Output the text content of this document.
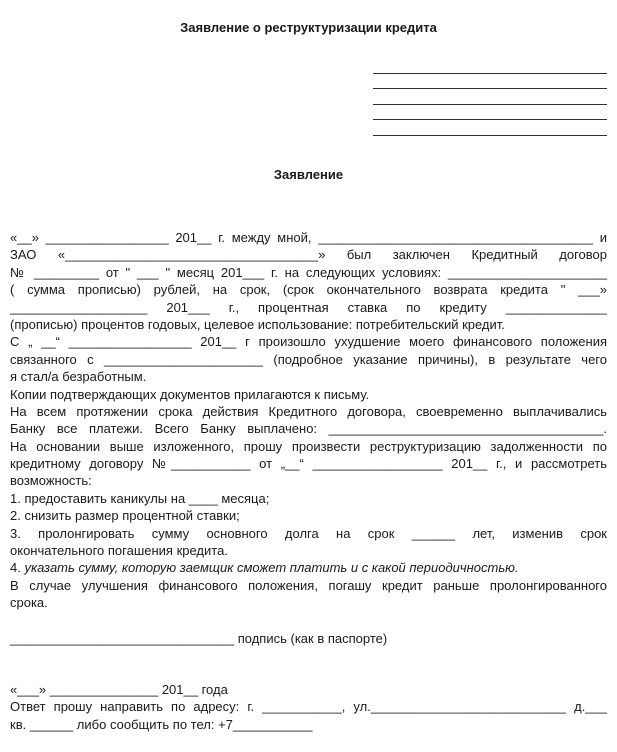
Заявление о реструктуризации кредита
Заявление
«__» _________________ 201__ г. между мной, ______________________________________ и
ЗАО «___________________________________» был заключен Кредитный договор
№ _________ от " ___ " месяц 201___ г. на следующих условиях: ______________________
( сумма прописью) рублей, на срок, (срок окончательного возврата кредита " ___»
___________________ 201___ г., процентная ставка по кредиту ______________
(прописью) процентов годовых, целевое использование: потребительский кредит.
С „ __“ _________________ 201__ г произошло ухудшение моего финансового положения
связанного с ______________________ (подробное указание причины), в результате чего
я стал/а безработным.
Копии подтверждающих документов прилагаются к письму.
На всем протяжении срока действия Кредитного договора, своевременно выплачивались
Банку все платежи. Всего Банку выплачено: ______________________________________.
На основании выше изложенного, прошу произвести реструктуризацию задолженности по
кредитному договору №___________ от „__“ __________________ 201__ г., и рассмотреть
возможность:
1. предоставить каникулы на ____ месяца;
2. снизить размер процентной ставки;
3. пролонгировать сумму основного долга на срок ______ лет, изменив срок
окончательного погашения кредита.
4. указать сумму, которую заемщик сможет платить и с какой периодичностью.
В случае улучшения финансового положения, погашу кредит раньше пролонгированного
срока.
_______________________________ подпись (как в паспорте)
«___» _______________ 201__ года
Ответ прошу направить по адресу: г. ___________, ул.___________________________ д.___
кв. ______ либо сообщить по тел: +7___________
